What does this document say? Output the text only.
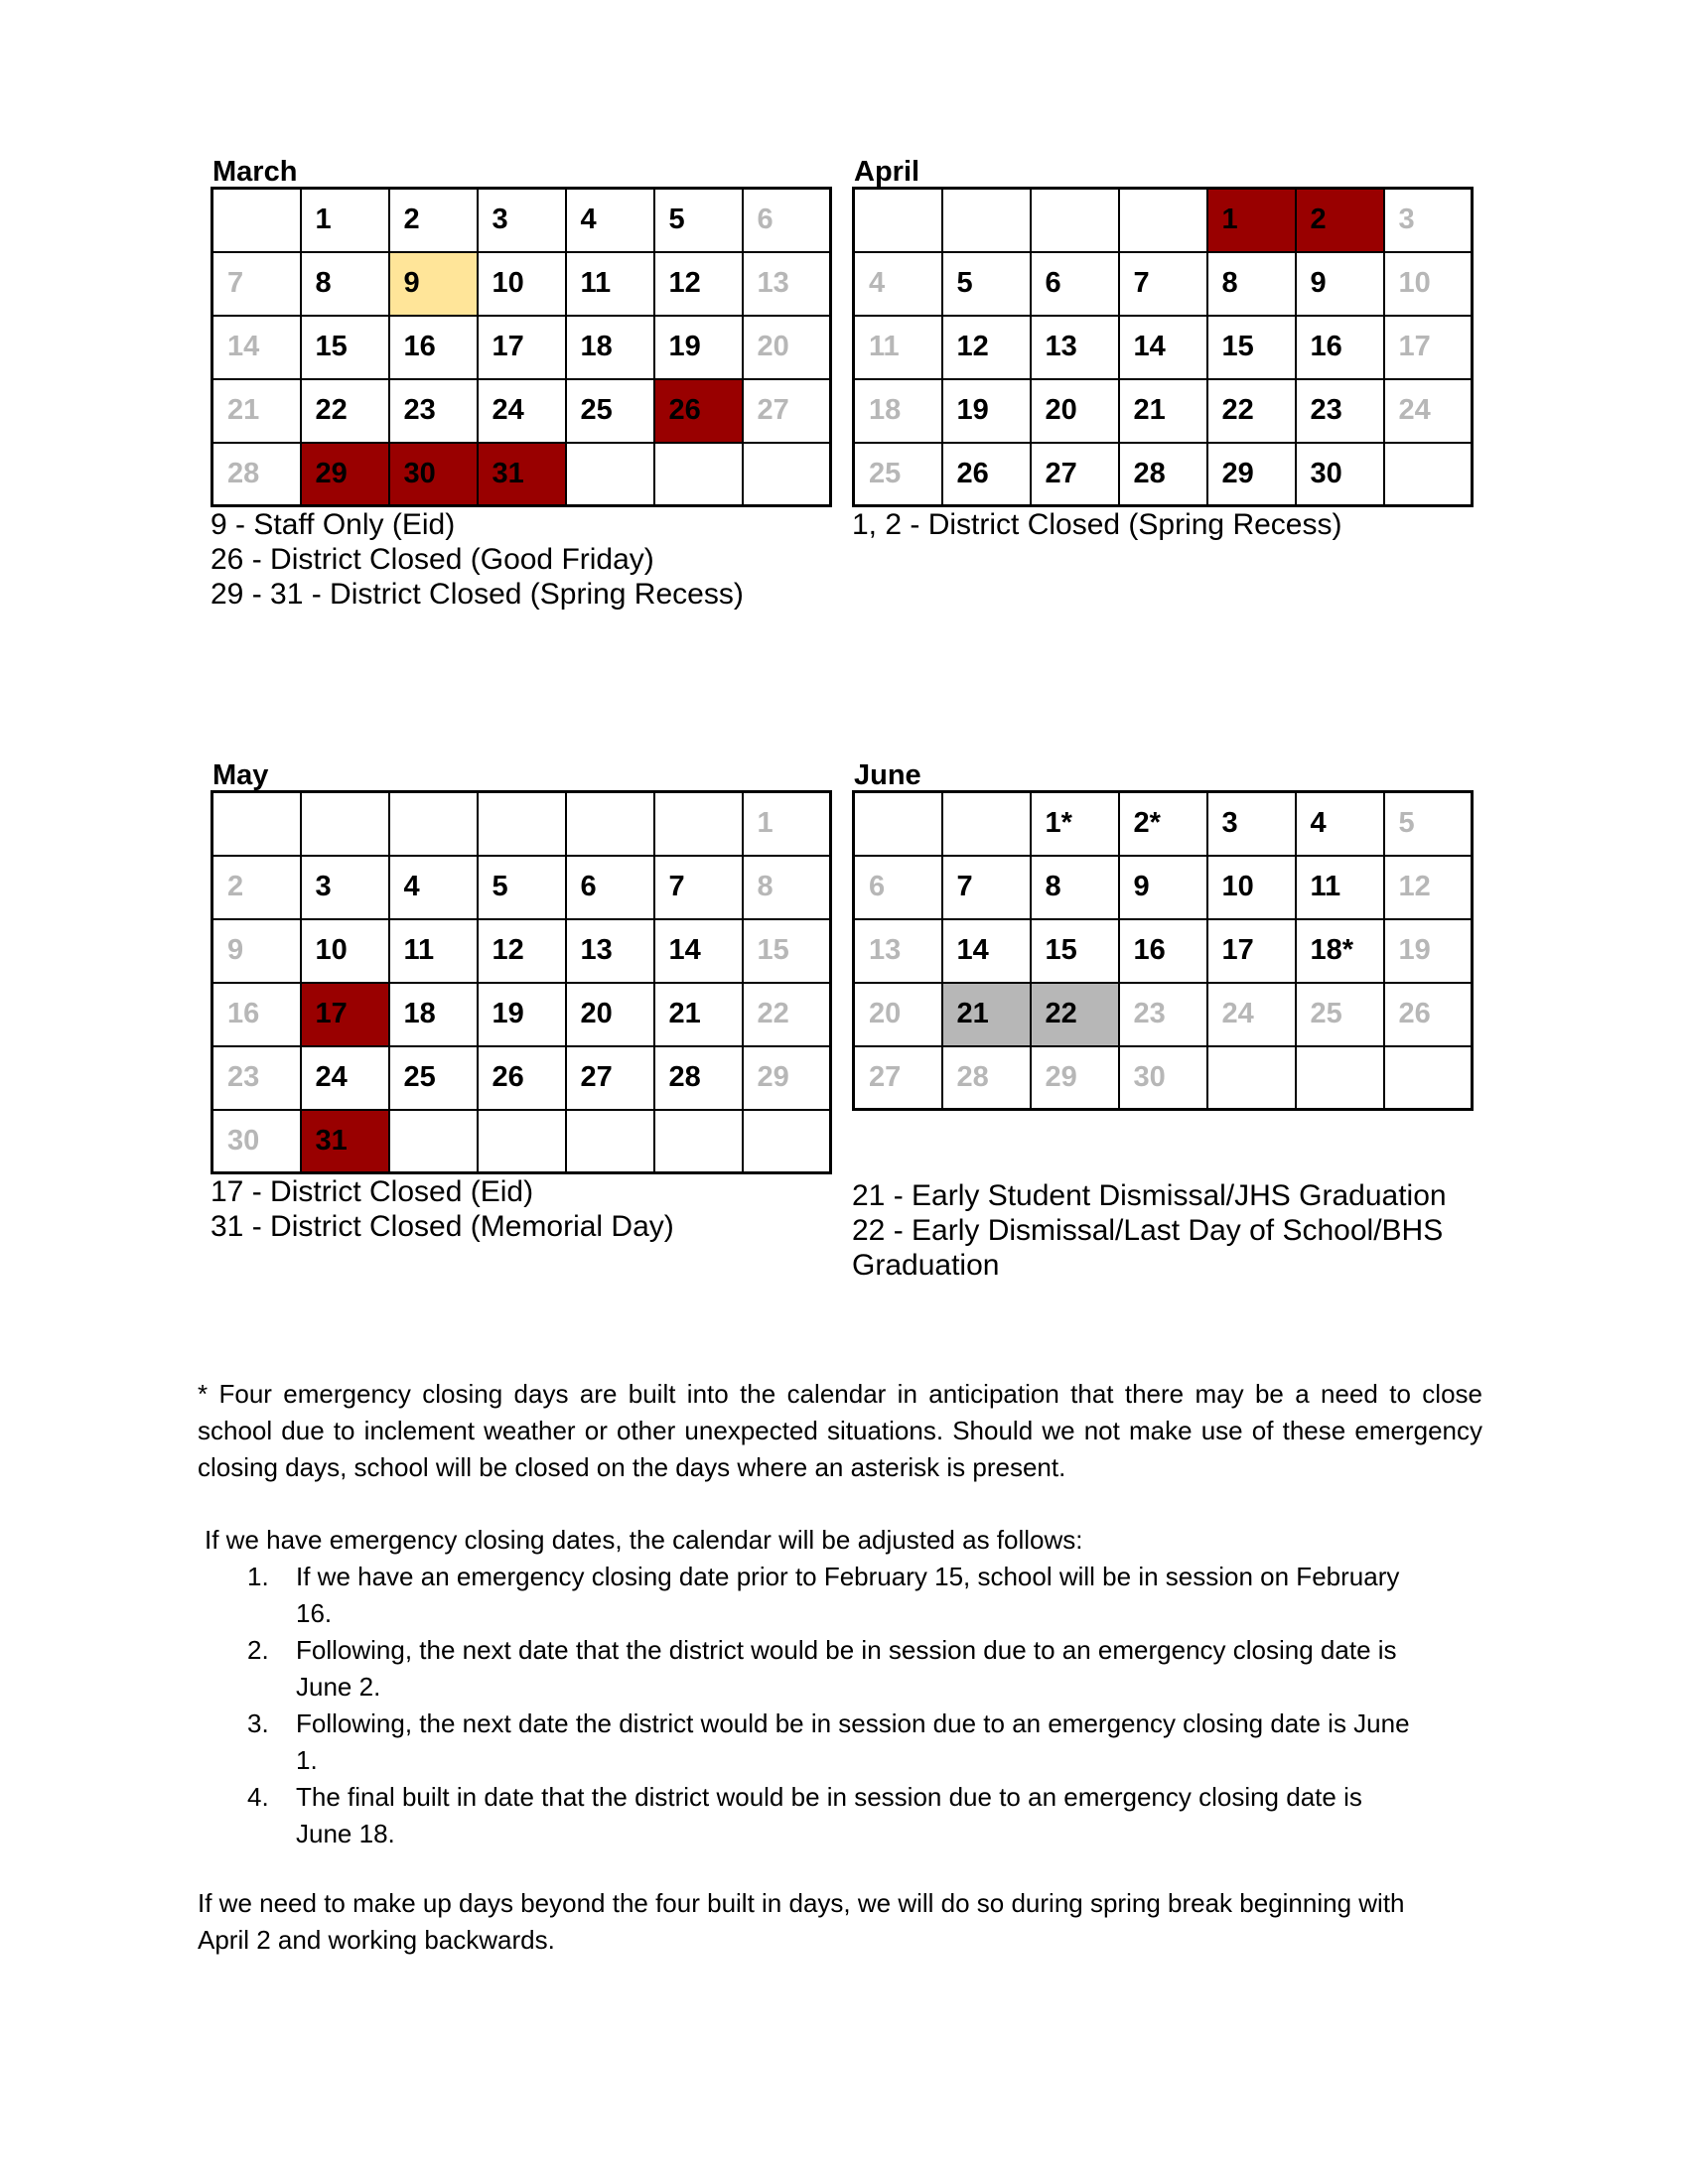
March
	1	2	3	4	5	6
7	8	9	10	11	12	13
14	15	16	17	18	19	20
21	22	23	24	25	26	27
28	29	30	31			
9 - Staff Only (Eid)
26 - District Closed (Good Friday)
29 - 31 - District Closed (Spring Recess)
April
				1	2	3
4	5	6	7	8	9	10
11	12	13	14	15	16	17
18	19	20	21	22	23	24
25	26	27	28	29	30	
1, 2 - District Closed (Spring Recess)
May
						1
2	3	4	5	6	7	8
9	10	11	12	13	14	15
16	17	18	19	20	21	22
23	24	25	26	27	28	29
30	31					
17 - District Closed (Eid)
31 - District Closed (Memorial Day)
June
		1*	2*	3	4	5
6	7	8	9	10	11	12
13	14	15	16	17	18*	19
20	21	22	23	24	25	26
27	28	29	30			
21 - Early Student Dismissal/JHS Graduation
22 - Early Dismissal/Last Day of School/BHS
Graduation
* Four emergency closing days are built into the calendar in anticipation that there may be a need to close school due to inclement weather or other unexpected situations. Should we not make use of these emergency closing days, school will be closed on the days where an asterisk is present.
If we have emergency closing dates, the calendar will be adjusted as follows:
1. If we have an emergency closing date prior to February 15, school will be in session on February
16.
2. Following, the next date that the district would be in session due to an emergency closing date is
June 2.
3. Following, the next date the district would be in session due to an emergency closing date is June
1.
4. The final built in date that the district would be in session due to an emergency closing date is
June 18.
If we need to make up days beyond the four built in days, we will do so during spring break beginning with
April 2 and working backwards.
